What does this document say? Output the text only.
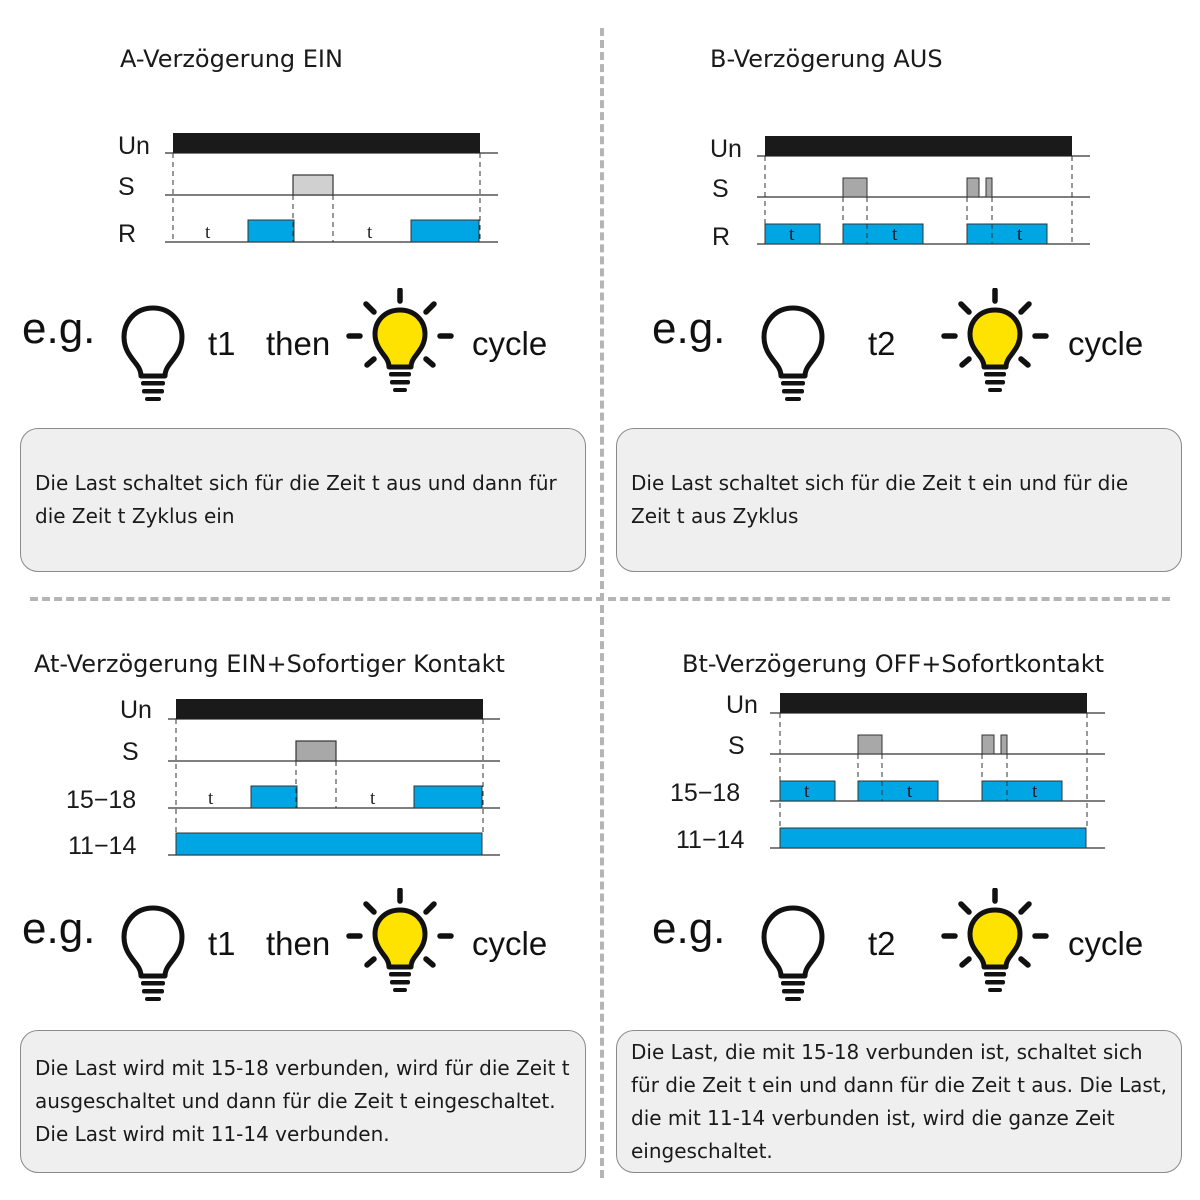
A-Verzögerung EIN
Un
S
R	t	t
e.g.	t1 then	cycle
Die Last schaltet sich für die Zeit t aus und dann für die Zeit t Zyklus ein
B-Verzögerung AUS
Un
S
R	t	t	t
e.g.	t2	cycle
Die Last schaltet sich für die Zeit t ein und für die Zeit t aus Zyklus
At-Verzögerung EIN+Sofortiger Kontakt
Un
S
15−18
11−14
t	t
e.g.	t1 then	cycle
Die Last wird mit 15-18 verbunden, wird für die Zeit t ausgeschaltet und dann für die Zeit t eingeschaltet. Die Last wird mit 11-14 verbunden.
Bt-Verzögerung OFF+Sofortkontakt
Un
S
15−18
11−14
t	t	t
e.g.	t2	cycle
Die Last, die mit 15-18 verbunden ist, schaltet sich für die Zeit t ein und dann für die Zeit t aus. Die Last, die mit 11-14 verbunden ist, wird die ganze Zeit eingeschaltet.
